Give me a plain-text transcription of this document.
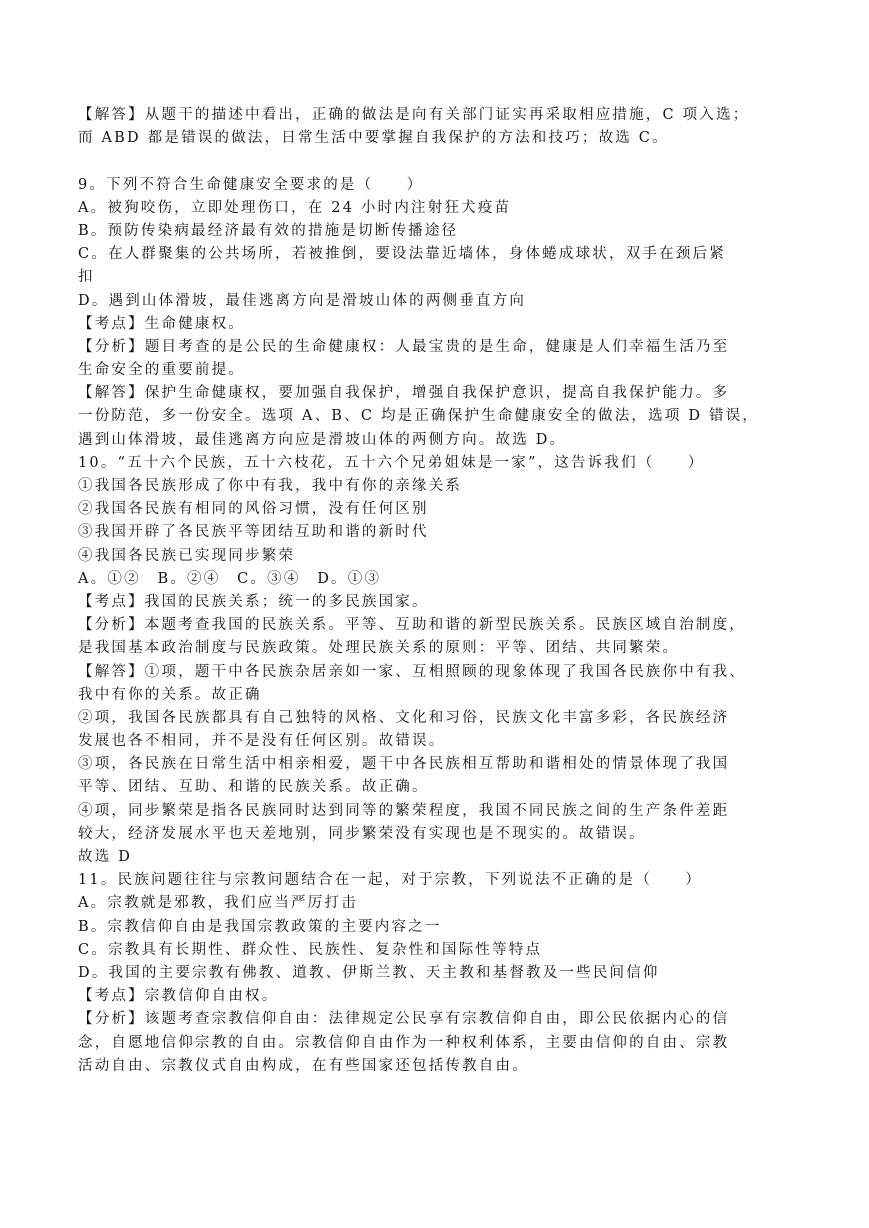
【解答】从题干的描述中看出，正确的做法是向有关部门证实再采取相应措施，C 项入选；
而 ABD 都是错误的做法，日常生活中要掌握自我保护的方法和技巧；故选 C。
9。下列不符合生命健康安全要求的是（　　）
A。被狗咬伤，立即处理伤口，在 24 小时内注射狂犬疫苗
B。预防传染病最经济最有效的措施是切断传播途径
C。在人群聚集的公共场所，若被推倒，要设法靠近墙体，身体蜷成球状，双手在颈后紧
扣
D。遇到山体滑坡，最佳逃离方向是滑坡山体的两侧垂直方向
【考点】生命健康权。
【分析】题目考查的是公民的生命健康权：人最宝贵的是生命，健康是人们幸福生活乃至
生命安全的重要前提。
【解答】保护生命健康权，要加强自我保护，增强自我保护意识，提高自我保护能力。多
一份防范，多一份安全。选项 A、B、C 均是正确保护生命健康安全的做法，选项 D 错误，
遇到山体滑坡，最佳逃离方向应是滑坡山体的两侧方向。故选 D。
10。“五十六个民族，五十六枝花，五十六个兄弟姐妹是一家”，这告诉我们（　　）
①我国各民族形成了你中有我，我中有你的亲缘关系
②我国各民族有相同的风俗习惯，没有任何区别
③我国开辟了各民族平等团结互助和谐的新时代
④我国各民族已实现同步繁荣
A。①②　B。②④　C。③④　D。①③
【考点】我国的民族关系；统一的多民族国家。
【分析】本题考查我国的民族关系。平等、互助和谐的新型民族关系。民族区域自治制度，
是我国基本政治制度与民族政策。处理民族关系的原则：平等、团结、共同繁荣。
【解答】①项，题干中各民族杂居亲如一家、互相照顾的现象体现了我国各民族你中有我、
我中有你的关系。故正确
②项，我国各民族都具有自己独特的风格、文化和习俗，民族文化丰富多彩，各民族经济
发展也各不相同，并不是没有任何区别。故错误。
③项，各民族在日常生活中相亲相爱，题干中各民族相互帮助和谐相处的情景体现了我国
平等、团结、互助、和谐的民族关系。故正确。
④项，同步繁荣是指各民族同时达到同等的繁荣程度，我国不同民族之间的生产条件差距
较大，经济发展水平也天差地别，同步繁荣没有实现也是不现实的。故错误。
故选 D
11。民族问题往往与宗教问题结合在一起，对于宗教，下列说法不正确的是（　　）
A。宗教就是邪教，我们应当严厉打击
B。宗教信仰自由是我国宗教政策的主要内容之一
C。宗教具有长期性、群众性、民族性、复杂性和国际性等特点
D。我国的主要宗教有佛教、道教、伊斯兰教、天主教和基督教及一些民间信仰
【考点】宗教信仰自由权。
【分析】该题考查宗教信仰自由：法律规定公民享有宗教信仰自由，即公民依据内心的信
念，自愿地信仰宗教的自由。宗教信仰自由作为一种权利体系，主要由信仰的自由、宗教
活动自由、宗教仪式自由构成，在有些国家还包括传教自由。
